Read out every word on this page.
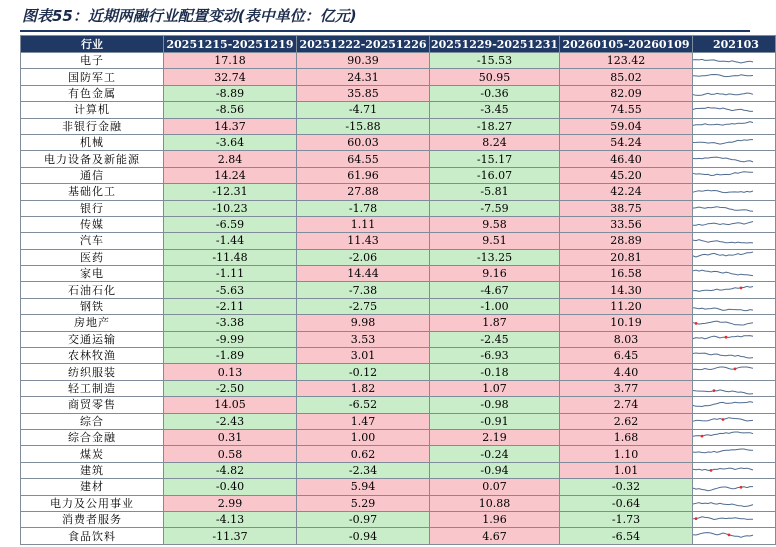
图表55：近期两融行业配置变动(表中单位：亿元)
行业	20251215-20251219	20251222-20251226	20251229-20251231	20260105-20260109	202103
电子	17.18	90.39	-15.53	123.42	

国防军工	32.74	24.31	50.95	85.02	

有色金属	-8.89	35.85	-0.36	82.09	

计算机	-8.56	-4.71	-3.45	74.55	

非银行金融	14.37	-15.88	-18.27	59.04	

机械	-3.64	60.03	8.24	54.24	

电力设备及新能源	2.84	64.55	-15.17	46.40	

通信	14.24	61.96	-16.07	45.20	

基础化工	-12.31	27.88	-5.81	42.24	

银行	-10.23	-1.78	-7.59	38.75	

传媒	-6.59	1.11	9.58	33.56	

汽车	-1.44	11.43	9.51	28.89	

医药	-11.48	-2.06	-13.25	20.81	

家电	-1.11	14.44	9.16	16.58	

石油石化	-5.63	-7.38	-4.67	14.30	

钢铁	-2.11	-2.75	-1.00	11.20	

房地产	-3.38	9.98	1.87	10.19	

交通运输	-9.99	3.53	-2.45	8.03	

农林牧渔	-1.89	3.01	-6.93	6.45	

纺织服装	0.13	-0.12	-0.18	4.40	

轻工制造	-2.50	1.82	1.07	3.77	

商贸零售	14.05	-6.52	-0.98	2.74	

综合	-2.43	1.47	-0.91	2.62	

综合金融	0.31	1.00	2.19	1.68	

煤炭	0.58	0.62	-0.24	1.10	

建筑	-4.82	-2.34	-0.94	1.01	

建材	-0.40	5.94	0.07	-0.32	

电力及公用事业	2.99	5.29	10.88	-0.64	

消费者服务	-4.13	-0.97	1.96	-1.73	

食品饮料	-11.37	-0.94	4.67	-6.54	
